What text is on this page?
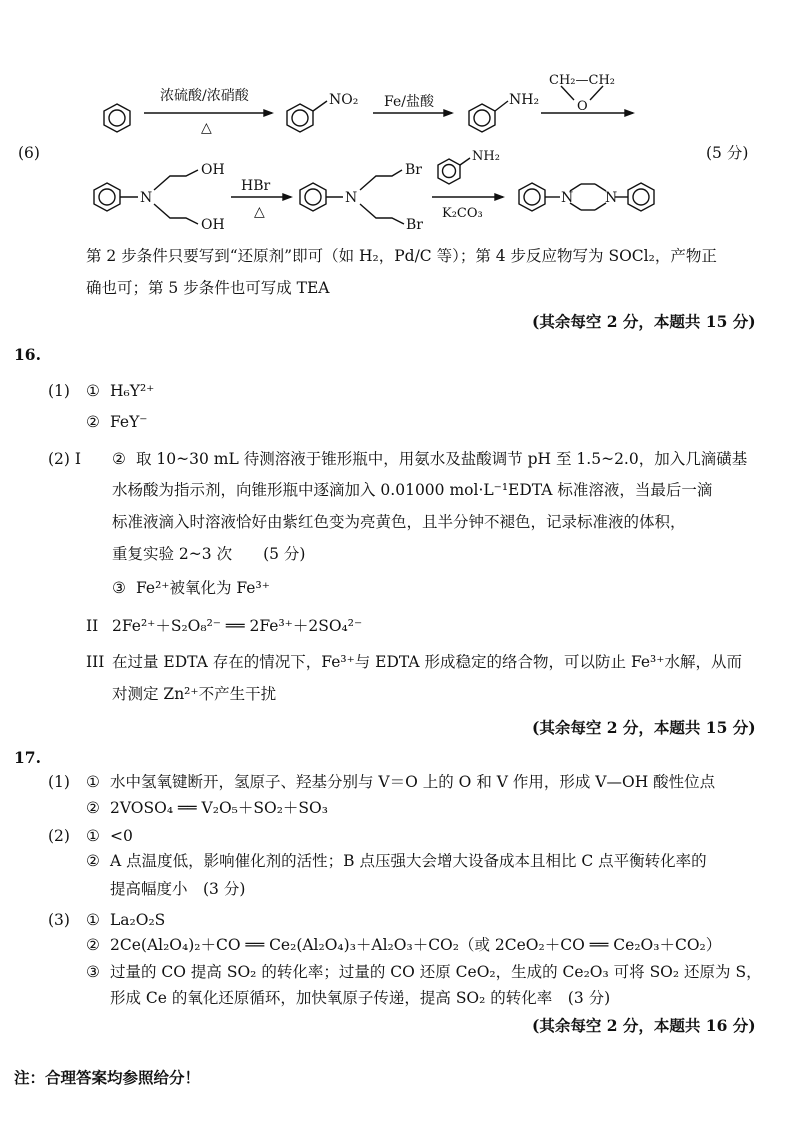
(6)	(5 分)
浓硫酸/浓硝酸
△
NO₂ Fe/盐酸	NH₂
CH₂—CH₂
O
N
OH
OH
HBr
△
N
Br
Br
NH₂
K₂CO₃
N N
第 2 步条件只要写到“还原剂”即可（如 H₂，Pd/C 等）；第 4 步反应物写为 SOCl₂，产物正
确也可；第 5 步条件也可写成 TEA
(其余每空 2 分，本题共 15 分)
16.
(1) ① H₆Y²⁺
② FeY⁻
(2) I ② 取 10~30 mL 待测溶液于锥形瓶中，用氨水及盐酸调节 pH 至 1.5~2.0，加入几滴磺基
水杨酸为指示剂，向锥形瓶中逐滴加入 0.01000 mol·L⁻¹EDTA 标准溶液，当最后一滴
标准液滴入时溶液恰好由紫红色变为亮黄色，且半分钟不褪色，记录标准液的体积，
重复实验 2~3 次　　(5 分)
③ Fe²⁺被氧化为 Fe³⁺
II 2Fe²⁺＋S₂O₈²⁻ ══ 2Fe³⁺＋2SO₄²⁻
III 在过量 EDTA 存在的情况下，Fe³⁺与 EDTA 形成稳定的络合物，可以防止 Fe³⁺水解，从而
对测定 Zn²⁺不产生干扰
(其余每空 2 分，本题共 15 分)
17.
(1) ① 水中氢氧键断开，氢原子、羟基分别与 V＝O 上的 O 和 V 作用，形成 V—OH 酸性位点
② 2VOSO₄ ══ V₂O₅＋SO₂＋SO₃
(2) ① <0
② A 点温度低，影响催化剂的活性；B 点压强大会增大设备成本且相比 C 点平衡转化率的
提高幅度小　(3 分)
(3) ① La₂O₂S
② 2Ce(Al₂O₄)₂＋CO ══ Ce₂(Al₂O₄)₃＋Al₂O₃＋CO₂（或 2CeO₂＋CO ══ Ce₂O₃＋CO₂）
③ 过量的 CO 提高 SO₂ 的转化率；过量的 CO 还原 CeO₂，生成的 Ce₂O₃ 可将 SO₂ 还原为 S，
形成 Ce 的氧化还原循环，加快氧原子传递，提高 SO₂ 的转化率　(3 分)
(其余每空 2 分，本题共 16 分)
注：合理答案均参照给分！
